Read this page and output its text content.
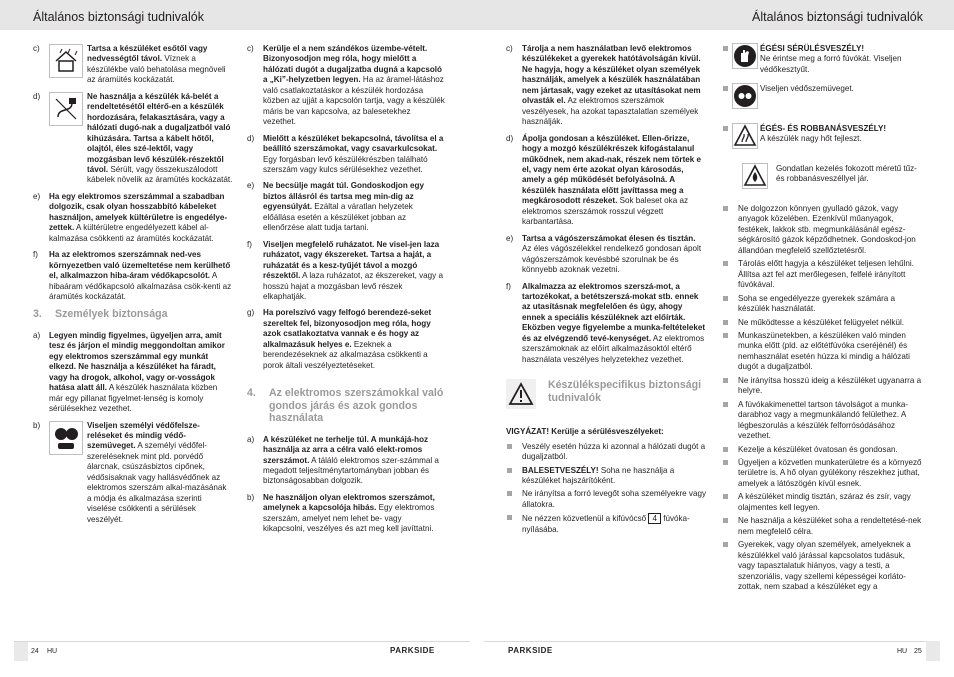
Általános biztonsági tudnivalók	Általános biztonsági tudnivalók
c)	Tartsa a készüléket esőtől vagy nedvességtől távol. Víznek a készülékbe való behatolása megnöveli az áramütés kockázatát.
d)	Ne használja a készülék ká-belét a rendeltetésétől eltérő-en a készülék hordozására, felakasztására, vagy a hálózati dugó-nak a dugaljzatból való kihúzására. Tartsa a kábelt hőtől, olajtól, éles szé-lektől, vagy mozgásban levő készülék-részektől távol. Sérült, vagy összekuszálodott kábelek növelik az áramütés kockázatát.
e) Ha egy elektromos szerszámmal a szabadban dolgozik, csak olyan hosszabbító kábeleket használjon, amelyek kültérületre is engedélye-zettek. A kültérületre engedélyezett kábel al-kalmazása csökkenti az áramütés kockázatát.
f) Ha az elektromos szerszámnak ned-ves környezetben való üzemeltetése nem kerülhető el, alkalmazzon hiba-áram védőkapcsolót. A hibaáram védőkapcsoló alkalmazása csök-kenti az áramütés kockázatát.
3. Személyek biztonsága
a) Legyen mindig figyelmes, ügyeljen arra, amit tesz és járjon el mindig meggondoltan amikor egy elektromos szerszámmal egy munkát elkezd. Ne használja a készüléket ha fáradt, vagy ha drogok, alkohol, vagy or-vosságok hatása alatt áll. A készülék használata közben már egy pillanat figyelmet-lenség is komoly sérülésekhez vezethet.
b)	Viseljen személyi védőfelsze-reléseket és mindig védő-szemüveget. A személyi védőfel-szereléseknek mint pld. porvédő álarcnak, csúszásbiztos cipőnek, védősisaknak vagy hallásvédőnek az elektromos szerszám alkal-mazásának a módja és alkalmazása szerinti viselése csökkenti a sérülések veszélyét.
c) Kerülje el a nem szándékos üzembe-vételt. Bizonyosodjon meg róla, hogy mielőtt a hálózati dugót a dugaljzatba dugná a kapcsoló a „Ki”-helyzetben legyen. Ha az áramel-látáshoz való csatlakoztatáskor a készülék hordozása közben az ujját a kapcsolón tartja, vagy a készülék máris be van kapcsolva, az balesetekhez vezethet.
d) Mielőtt a készüléket bekapcsolná, távolítsa el a beállító szerszámokat, vagy csavarkulcsokat. Egy forgásban levő készülékrészben található szerszám vagy kulcs sérülésekhez vezethet.
e) Ne becsülje magát túl. Gondoskodjon egy biztos állásról és tartsa meg min-dig az egyensúlyát. Ezáltal a váratlan helyzetek előállása esetén a készüléket jobban az ellenőrzése alatt tudja tartani.
f) Viseljen megfelelő ruházatot. Ne visel-jen laza ruházatot, vagy ékszereket. Tartsa a haját, a ruházatát és a kesz-tyűjét távol a mozgó részektől. A laza ruházatot, az ékszereket, vagy a hosszú hajat a mozgásban levő részek elkaphatják.
g) Ha porelszívó vagy felfogó berendezé-seket szereltek fel, bizonyosodjon meg róla, hogy azok csatlakoztatva vannak e és hogy az alkalmazásuk helyes e. Ezeknek a berendezéseknek az alkalmazása csökkenti a porok általi veszélyeztetéseket.
4. Az elektromos szerszámokkal való gondos járás és azok gondos használata
a) A készüléket ne terhelje túl. A munkájá-hoz használja az arra a célra való elekt-romos szerszámot. A táláló elektromos szer-számmal a megadott teljesítménytartományban jobban és biztonságosabban dolgozik.
b) Ne használjon olyan elektromos szerszámot, amelynek a kapcsolója hibás. Egy elektromos szerszám, amelyet nem lehet be- vagy kikapcsolni, veszélyes és azt meg kell javíttatni.
c) Tárolja a nem használatban levő elektromos készülékeket a gyerekek hatótávolságán kívül. Ne hagyja, hogy a készüléket olyan személyek használják, amelyek a készülék használatában nem jártasak, vagy ezeket az utasításokat nem olvasták el. Az elektromos szerszámok veszélyesek, ha azokat tapasztalatlan személyek használják.
d) Ápolja gondosan a készüléket. Ellen-őrizze, hogy a mozgó készülékrészek kifogástalanul működnek, nem akad-nak, részek nem törtek e el, vagy nem érte azokat olyan károsodás, amely a gép működését befolyásolná. A készülék használata előtt javíttassa meg a megkárosodott részeket. Sok baleset oka az elektromos szerszámok rosszul végzett karbantartása.
e) Tartsa a vágószerszámokat élesen és tisztán. Az éles vágószélekkel rendelkező gondosan ápolt vágószerszámok kevésbbé szorulnak be és könnyebb azoknak vezetni.
f) Alkalmazza az elektromos szerszá-mot, a tartozékokat, a betétszerszá-mokat stb. ennek az utasításnak megfelelően és úgy, ahogy ennek a speciális készüléknek azt előírták. Eközben vegye figyelembe a munka-feltételeket és az elvégzendő tevé-kenységet. Az elektromos szerszámoknak az előírt alkalmazásoktól eltérő használata veszélyes helyzetekhez vezethet.
Készülékspecifikus biztonsági tudnivalók
VIGYÁZAT! Kerülje a sérülésveszélyeket:
Veszély esetén húzza ki azonnal a hálózati dugót a dugaljzatból.
BALESETVESZÉLY! Soha ne használja a készüléket hajszárítóként.
Ne irányítsa a forró levegőt soha személyekre vagy állatokra.
Ne nézzen közvetlenül a kifúvócső 4 fúvóka-nyílásába.
ÉGÉSI SÉRÜLÉSVESZÉLY!
Ne érintse meg a forró fúvókát. Viseljen védőkesztyűt.
Viseljen védőszemüveget.
ÉGÉS- ÉS ROBBANÁSVESZÉLY!
A készülék nagy hőt fejleszt.
Gondatlan kezelés fokozott méretű tűz- és robbanásveszéllyel jár.
Ne dolgozzon könnyen gyulladó gázok, vagy anyagok közelében. Ezenkívül műanyagok, festékek, lakkok stb. megmunkálásánál egész-ségkárosító gázok képződhetnek. Gondoskod-jon állandóan megfelelő szellőztetésről.
Tárolás előtt hagyja a készüléket teljesen lehűlni. Állítsa azt fel azt merőlegesen, felfelé irányított fúvókával.
Soha se engedélyezze gyerekek számára a készülék használatát.
Ne működtesse a készüléket felügyelet nélkül.
Munkaszünetekben, a készüléken való minden munka előtt (pld. az előtétfúvóka cseréjénél) és nemhasználat esetén húzza ki mindig a hálózati dugót a dugaljzatból.
Ne irányítsa hosszú ideig a készüléket ugyanarra a helyre.
A fúvókakimenettel tartson távolságot a munka-darabhoz vagy a megmunkálandó felülethez. A légbeszorulás a készülék felforrósódásához vezethet.
Kezelje a készüléket óvatosan és gondosan.
Ügyeljen a közvetlen munkaterületre és a környező területre is. A hő olyan gyúlékony részekhez juthat, amelyek a látószögén kívül esnek.
A készüléket mindig tisztán, száraz és zsír, vagy olajmentes kell legyen.
Ne használja a készüléket soha a rendeltetésé-nek nem megfelelő célra.
Gyerekek, vagy olyan személyek, amelyeknek a készülékkel való járással kapcsolatos tudásuk, vagy tapasztalatuk hiányos, vagy a testi, a szenzoriális, vagy szellemi képességei korláto-zottak, nem szabad a készüléket egy a
24 HU	PARKSIDE	PARKSIDE	HU 25
